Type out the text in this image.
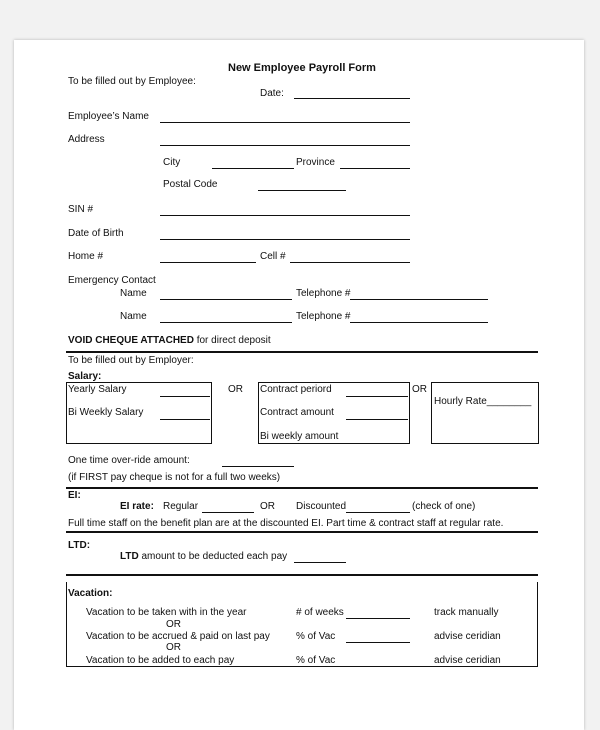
New Employee Payroll Form
To be filled out by Employee:
Date:
Employee’s Name
Address
City	Province
Postal Code
SIN #
Date of Birth
Home #	Cell #
Emergency Contact
Name	Telephone #
Name	Telephone #
VOID CHEQUE ATTACHED for direct deposit
To be filled out by Employer:
Salary:
Yearly Salary
Bi Weekly Salary
OR Contract periord
Contract amount
Bi weekly amount
OR
Hourly Rate________
One time over-ride amount:
(if FIRST pay cheque is not for a full two weeks)
EI:
EI rate: Regular	OR Discounted	(check of one)
Full time staff on the benefit plan are at the discounted EI. Part time & contract staff at regular rate.
LTD:
LTD amount to be deducted each pay
Vacation:
Vacation to be taken with in the year	# of weeks	track manually
OR
Vacation to be accrued & paid on last pay	% of Vac	advise ceridian
OR
Vacation to be added to each pay	% of Vac	advise ceridian
